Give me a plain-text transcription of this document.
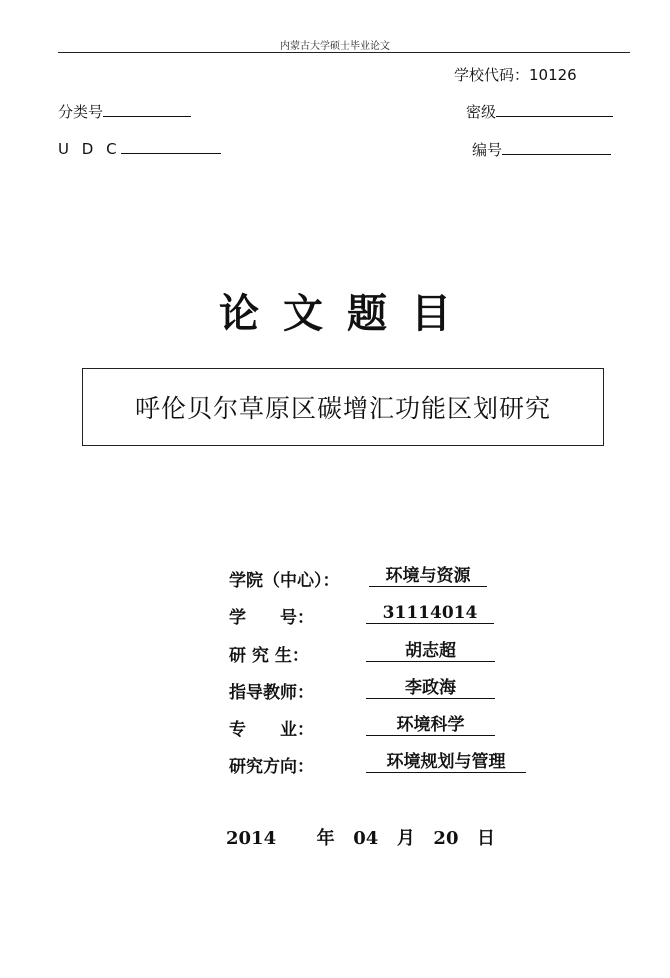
内蒙古大学硕士毕业论文
学校代码：10126
分类号	密级
U D C	编号
论文题目
呼伦贝尔草原区碳增汇功能区划研究
学院（中心）：	环境与资源
学　　号：	31114014
研 究 生：	胡志超
指导教师：	李政海
专　　业：	环境科学
研究方向：	环境规划与管理
2014 年 04 月 20 日
